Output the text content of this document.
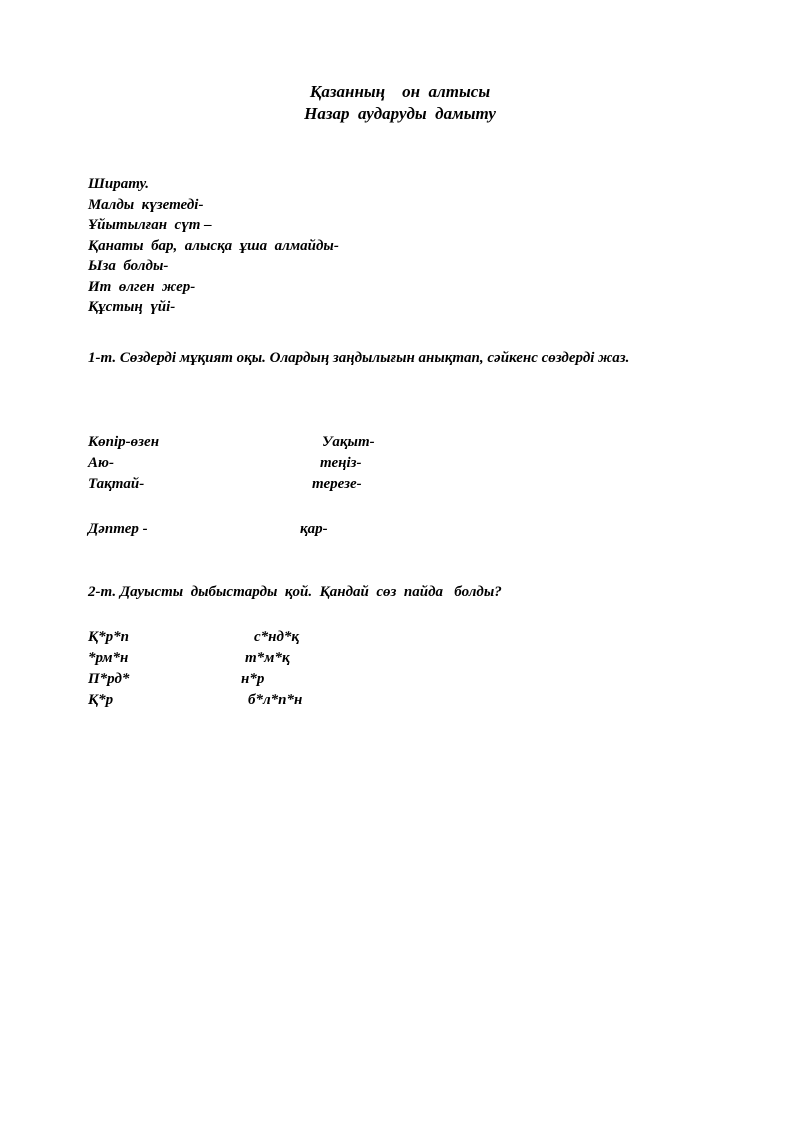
Қазанның    он  алтысы
Назар  аударуды  дамыту
Ширату.
Малды  күзетеді-
Ұйытылған  сүт –
Қанаты  бар,  алысқа  ұша  алмайды-
Ыза  болды-
Ит  өлген  жер-
Құстың  үйі-
1-т. Сөздерді мұқият оқы. Олардың заңдылығын анықтап, сәйкенс сөздерді жаз.
Көпір-өзен	Уақыт-
Аю-	теңіз-
Тақтай-	терезе-
Дәптер -	қар-
2-т. Дауысты  дыбыстарды  қой.  Қандай  сөз  пайда   болды?
Қ*р*п	с*нд*қ
*рм*н	т*м*қ
П*рд*	н*р
Қ*р	б*л*п*н
